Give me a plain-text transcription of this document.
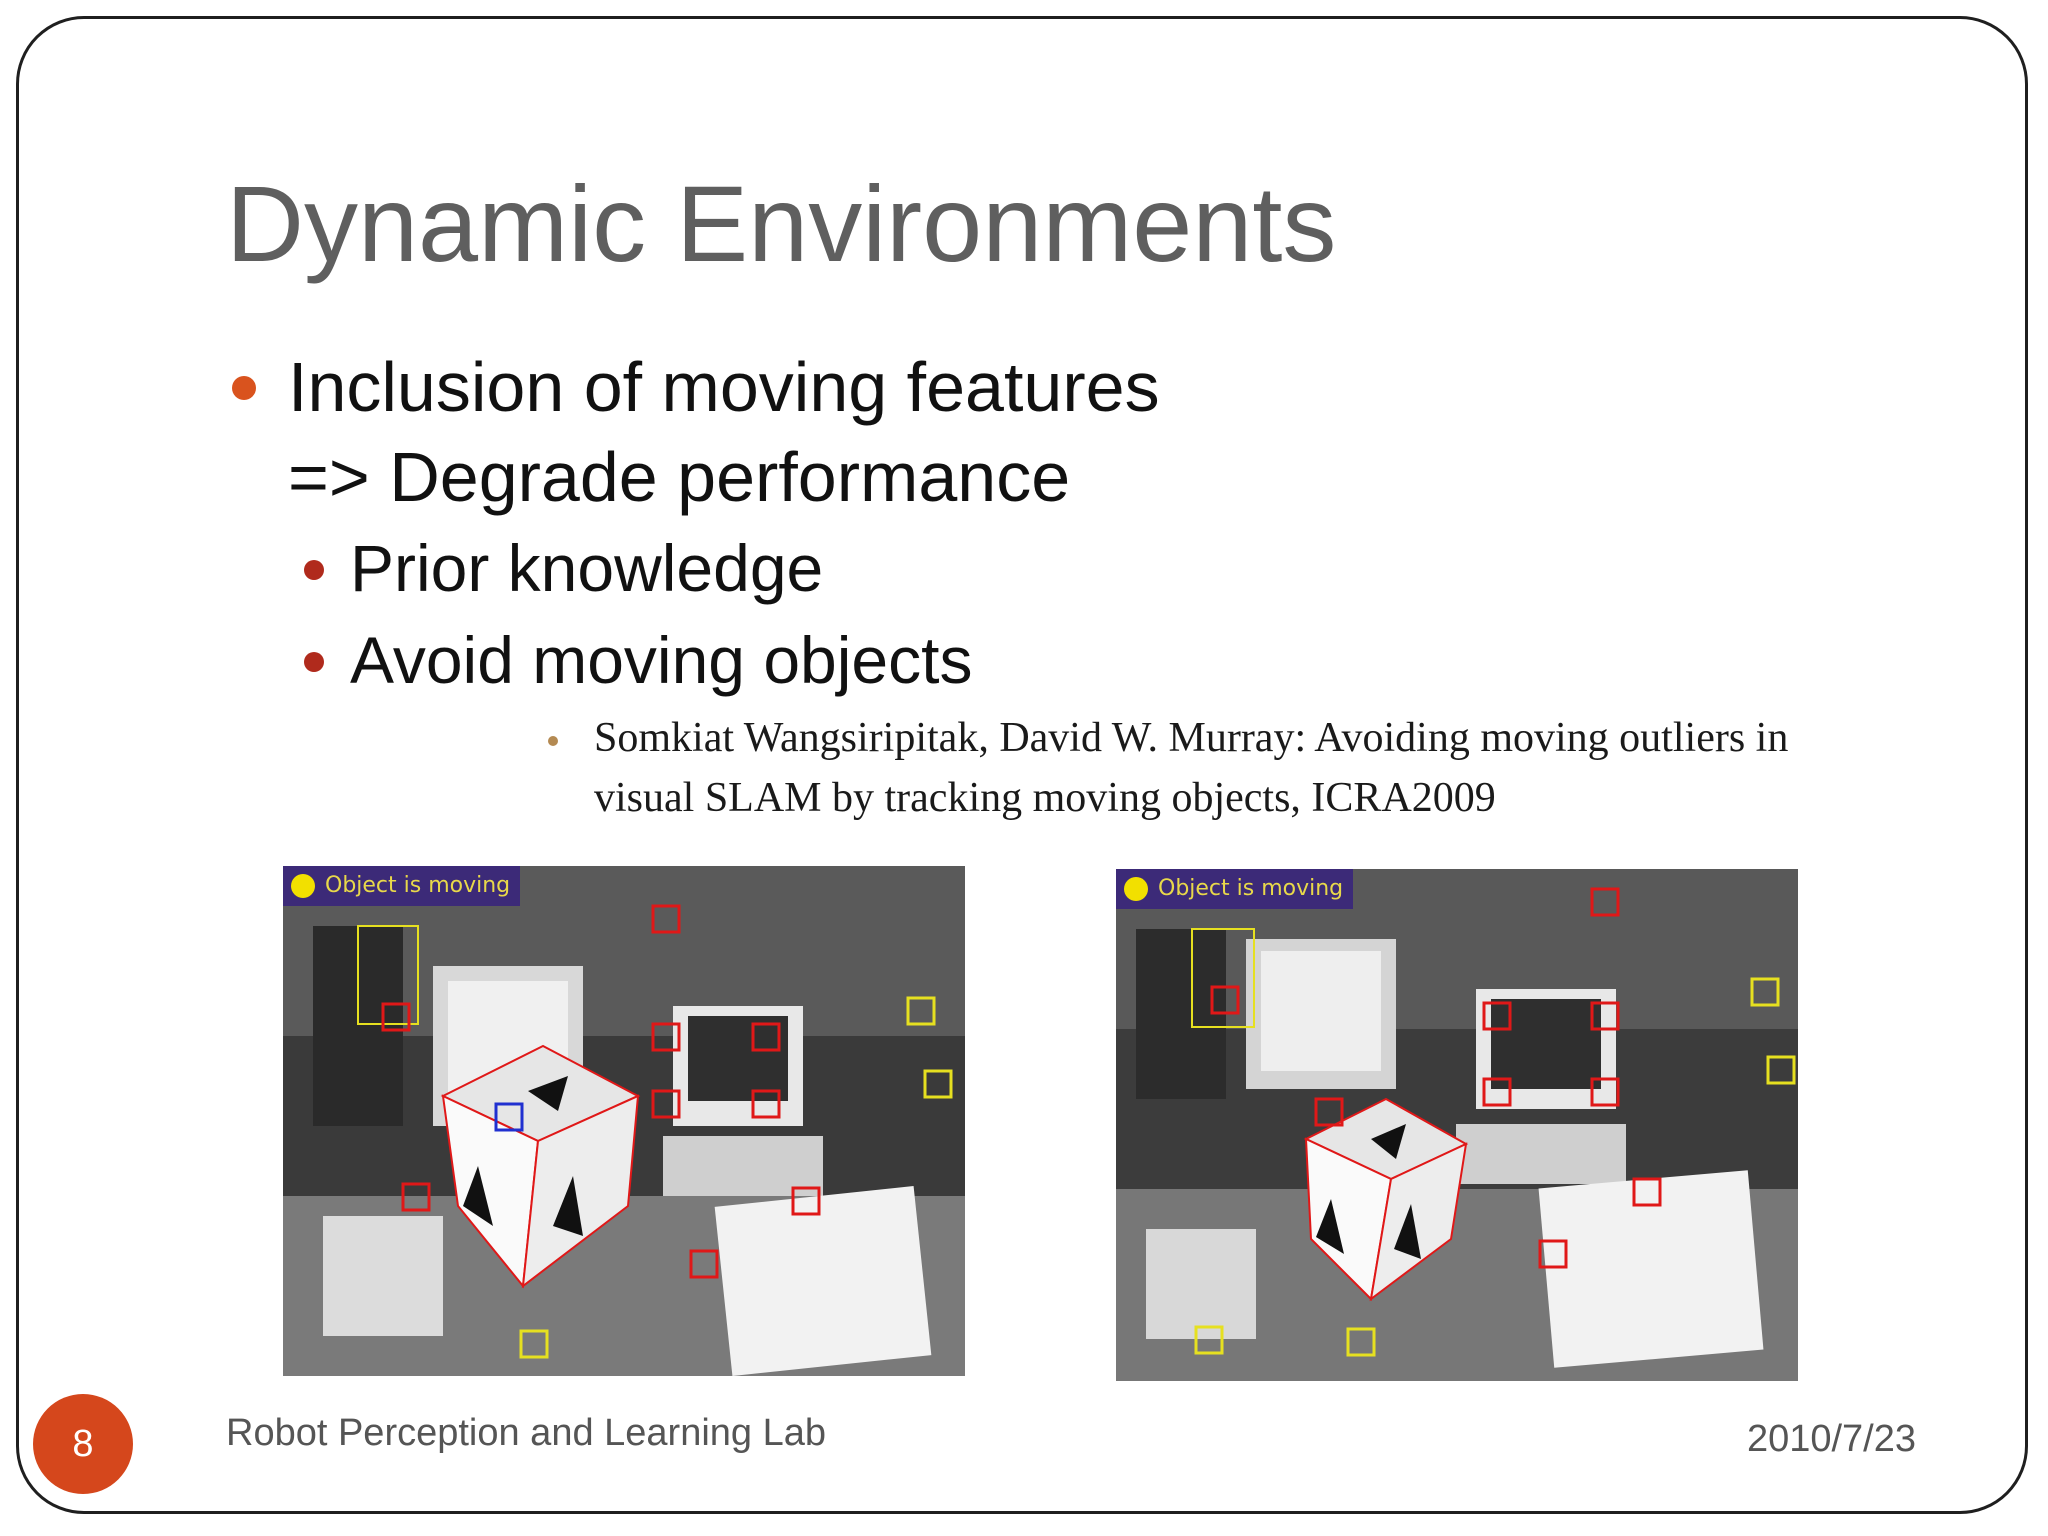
Dynamic Environments
Inclusion of moving features
=> Degrade performance
Prior knowledge
Avoid moving objects
Somkiat Wangsiripitak, David W. Murray: Avoiding moving outliers in
visual SLAM by tracking moving objects, ICRA2009
Object is moving	Object is moving
8	Robot Perception and Learning Lab	2010/7/23
